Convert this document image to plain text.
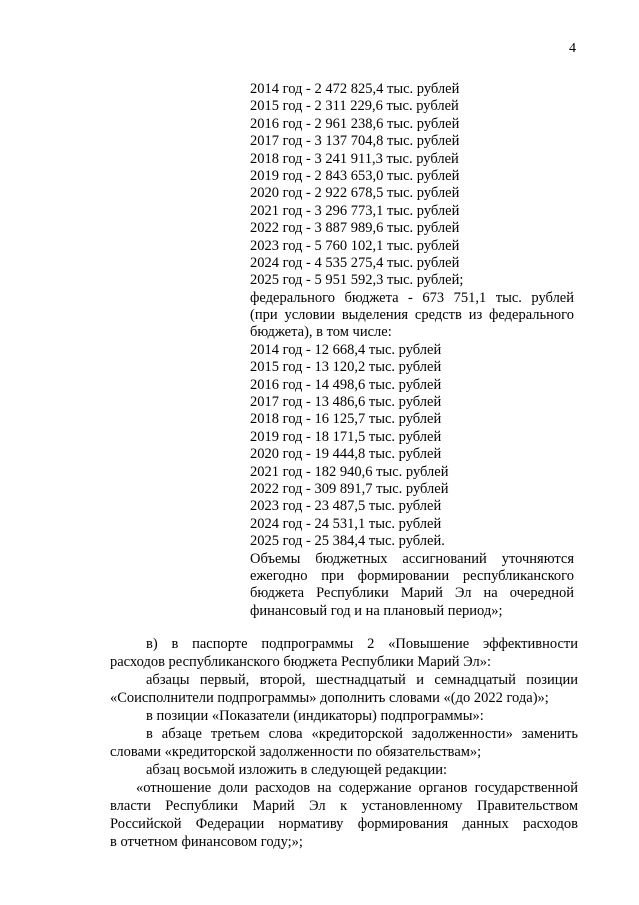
4
2014 год - 2 472 825,4 тыс. рублей
2015 год - 2 311 229,6 тыс. рублей
2016 год - 2 961 238,6 тыс. рублей
2017 год - 3 137 704,8 тыс. рублей
2018 год - 3 241 911,3 тыс. рублей
2019 год - 2 843 653,0 тыс. рублей
2020 год - 2 922 678,5 тыс. рублей
2021 год - 3 296 773,1 тыс. рублей
2022 год - 3 887 989,6 тыс. рублей
2023 год - 5 760 102,1 тыс. рублей
2024 год - 4 535 275,4 тыс. рублей
2025 год - 5 951 592,3 тыс. рублей;
федерального бюджета - 673 751,1 тыс. рублей
(при условии выделения средств из федерального
бюджета), в том числе:
2014 год - 12 668,4 тыс. рублей
2015 год - 13 120,2 тыс. рублей
2016 год - 14 498,6 тыс. рублей
2017 год - 13 486,6 тыс. рублей
2018 год - 16 125,7 тыс. рублей
2019 год - 18 171,5 тыс. рублей
2020 год - 19 444,8 тыс. рублей
2021 год - 182 940,6 тыс. рублей
2022 год - 309 891,7 тыс. рублей
2023 год - 23 487,5 тыс. рублей
2024 год - 24 531,1 тыс. рублей
2025 год - 25 384,4 тыс. рублей.
Объемы бюджетных ассигнований уточняются
ежегодно при формировании республиканского
бюджета Республики Марий Эл на очередной
финансовый год и на плановый период»;
в) в паспорте подпрограммы 2 «Повышение эффективности
расходов республиканского бюджета Республики Марий Эл»:
абзацы первый, второй, шестнадцатый и семнадцатый позиции
«Соисполнители подпрограммы» дополнить словами «(до 2022 года)»;
в позиции «Показатели (индикаторы) подпрограммы»:
в абзаце третьем слова «кредиторской задолженности» заменить
словами «кредиторской задолженности по обязательствам»;
абзац восьмой изложить в следующей редакции:
«отношение доли расходов на содержание органов государственной
власти Республики Марий Эл к установленному Правительством
Российской Федерации нормативу формирования данных расходов
в отчетном финансовом году;»;
